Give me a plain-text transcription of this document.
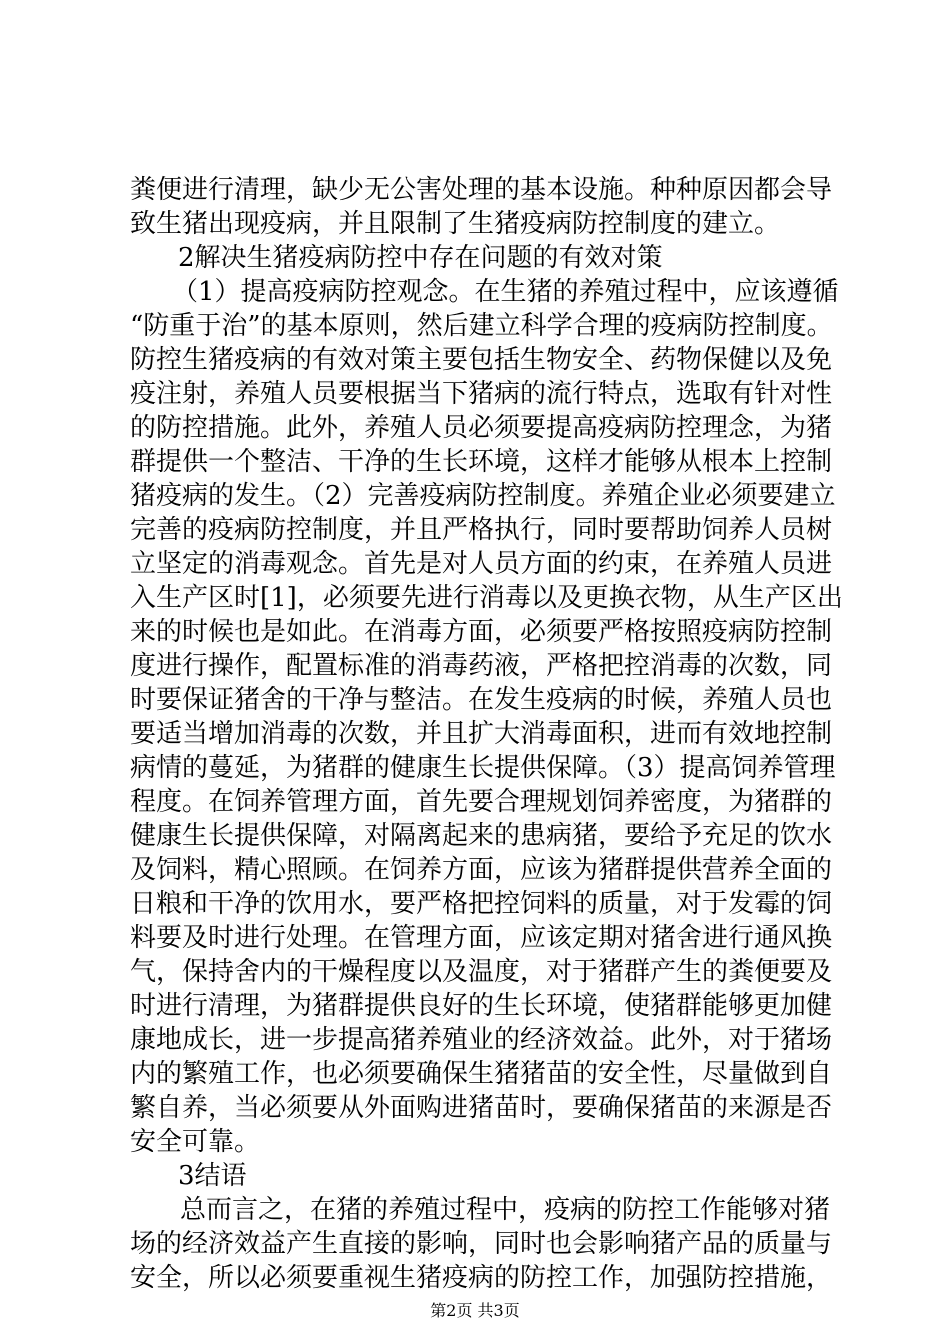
粪便进行清理，缺少无公害处理的基本设施。种种原因都会导
致生猪出现疫病，并且限制了生猪疫病防控制度的建立。
2解决生猪疫病防控中存在问题的有效对策
（1）提高疫病防控观念。在生猪的养殖过程中，应该遵循
“防重于治”的基本原则，然后建立科学合理的疫病防控制度。
防控生猪疫病的有效对策主要包括生物安全、药物保健以及免
疫注射，养殖人员要根据当下猪病的流行特点，选取有针对性
的防控措施。此外，养殖人员必须要提高疫病防控理念，为猪
群提供一个整洁、干净的生长环境，这样才能够从根本上控制
猪疫病的发生。（2）完善疫病防控制度。养殖企业必须要建立
完善的疫病防控制度，并且严格执行，同时要帮助饲养人员树
立坚定的消毒观念。首先是对人员方面的约束，在养殖人员进
入生产区时[1]，必须要先进行消毒以及更换衣物，从生产区出
来的时候也是如此。在消毒方面，必须要严格按照疫病防控制
度进行操作，配置标准的消毒药液，严格把控消毒的次数，同
时要保证猪舍的干净与整洁。在发生疫病的时候，养殖人员也
要适当增加消毒的次数，并且扩大消毒面积，进而有效地控制
病情的蔓延，为猪群的健康生长提供保障。（3）提高饲养管理
程度。在饲养管理方面，首先要合理规划饲养密度，为猪群的
健康生长提供保障，对隔离起来的患病猪，要给予充足的饮水
及饲料，精心照顾。在饲养方面，应该为猪群提供营养全面的
日粮和干净的饮用水，要严格把控饲料的质量，对于发霉的饲
料要及时进行处理。在管理方面，应该定期对猪舍进行通风换
气，保持舍内的干燥程度以及温度，对于猪群产生的粪便要及
时进行清理，为猪群提供良好的生长环境，使猪群能够更加健
康地成长，进一步提高猪养殖业的经济效益。此外，对于猪场
内的繁殖工作，也必须要确保生猪猪苗的安全性，尽量做到自
繁自养，当必须要从外面购进猪苗时，要确保猪苗的来源是否
安全可靠。
3结语
总而言之，在猪的养殖过程中，疫病的防控工作能够对猪
场的经济效益产生直接的影响，同时也会影响猪产品的质量与
安全，所以必须要重视生猪疫病的防控工作，加强防控措施，
第2页 共3页
